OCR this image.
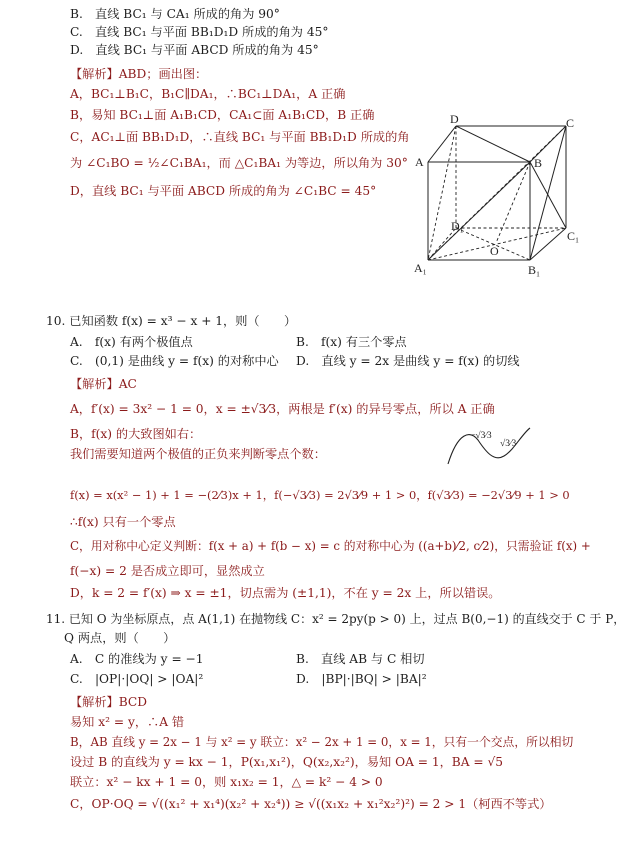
B.　直线 BC₁ 与 CA₁ 所成的角为 90°
C.　直线 BC₁ 与平面 BB₁D₁D 所成的角为 45°
D.　直线 BC₁ 与平面 ABCD 所成的角为 45°
【解析】ABD；画出图：
A，BC₁⊥B₁C，B₁C∥DA₁，∴BC₁⊥DA₁，A 正确
B，易知 BC₁⊥面 A₁B₁CD，CA₁⊂面 A₁B₁CD，B 正确
C，AC₁⊥面 BB₁D₁D，∴直线 BC₁ 与平面 BB₁D₁D 所成的角
为 ∠C₁BO = ½∠C₁BA₁，而 △C₁BA₁ 为等边，所以角为 30°
D，直线 BC₁ 与平面 ABCD 所成的角为 ∠C₁BC = 45°
D	C
A	B
D₁
C₁
A₁	B₁
O
10. 已知函数 f(x) = x³ − x + 1，则（　　）
A.　f(x) 有两个极值点	B.　f(x) 有三个零点
C.　(0,1) 是曲线 y = f(x) 的对称中心 D.　直线 y = 2x 是曲线 y = f(x) 的切线
【解析】AC
A，f′(x) = 3x² − 1 = 0，x = ±√3⁄3，两根是 f′(x) 的异号零点，所以 A 正确
B，f(x) 的大致图如右：
我们需要知道两个极值的正负来判断零点个数：
f(x) = x(x² − 1) + 1 = −(2⁄3)x + 1，f(−√3⁄3) = 2√3⁄9 + 1 > 0，f(√3⁄3) = −2√3⁄9 + 1 > 0
∴f(x) 只有一个零点
C，用对称中心定义判断：f(x + a) + f(b − x) = c 的对称中心为 ((a+b)⁄2, c⁄2)，只需验证 f(x) +
f(−x) = 2 是否成立即可，显然成立
D，k = 2 = f′(x) ⇒ x = ±1，切点需为 (±1,1)，不在 y = 2x 上，所以错误。
−√3⁄3
√3⁄3
11. 已知 O 为坐标原点，点 A(1,1) 在抛物线 C：x² = 2py(p > 0) 上，过点 B(0,−1) 的直线交于 C 于 P，
Q 两点，则（　　）
A.　C 的准线为 y = −1	B.　直线 AB 与 C 相切
C.　|OP|·|OQ| > |OA|²	D.　|BP|·|BQ| > |BA|²
【解析】BCD
易知 x² = y，∴A 错
B，AB 直线 y = 2x − 1 与 x² = y 联立：x² − 2x + 1 = 0，x = 1，只有一个交点，所以相切
设过 B 的直线为 y = kx − 1，P(x₁,x₁²)，Q(x₂,x₂²)，易知 OA = 1，BA = √5
联立：x² − kx + 1 = 0，则 x₁x₂ = 1，△ = k² − 4 > 0
C，OP·OQ = √((x₁² + x₁⁴)(x₂² + x₂⁴)) ≥ √((x₁x₂ + x₁²x₂²)²) = 2 > 1（柯西不等式）
